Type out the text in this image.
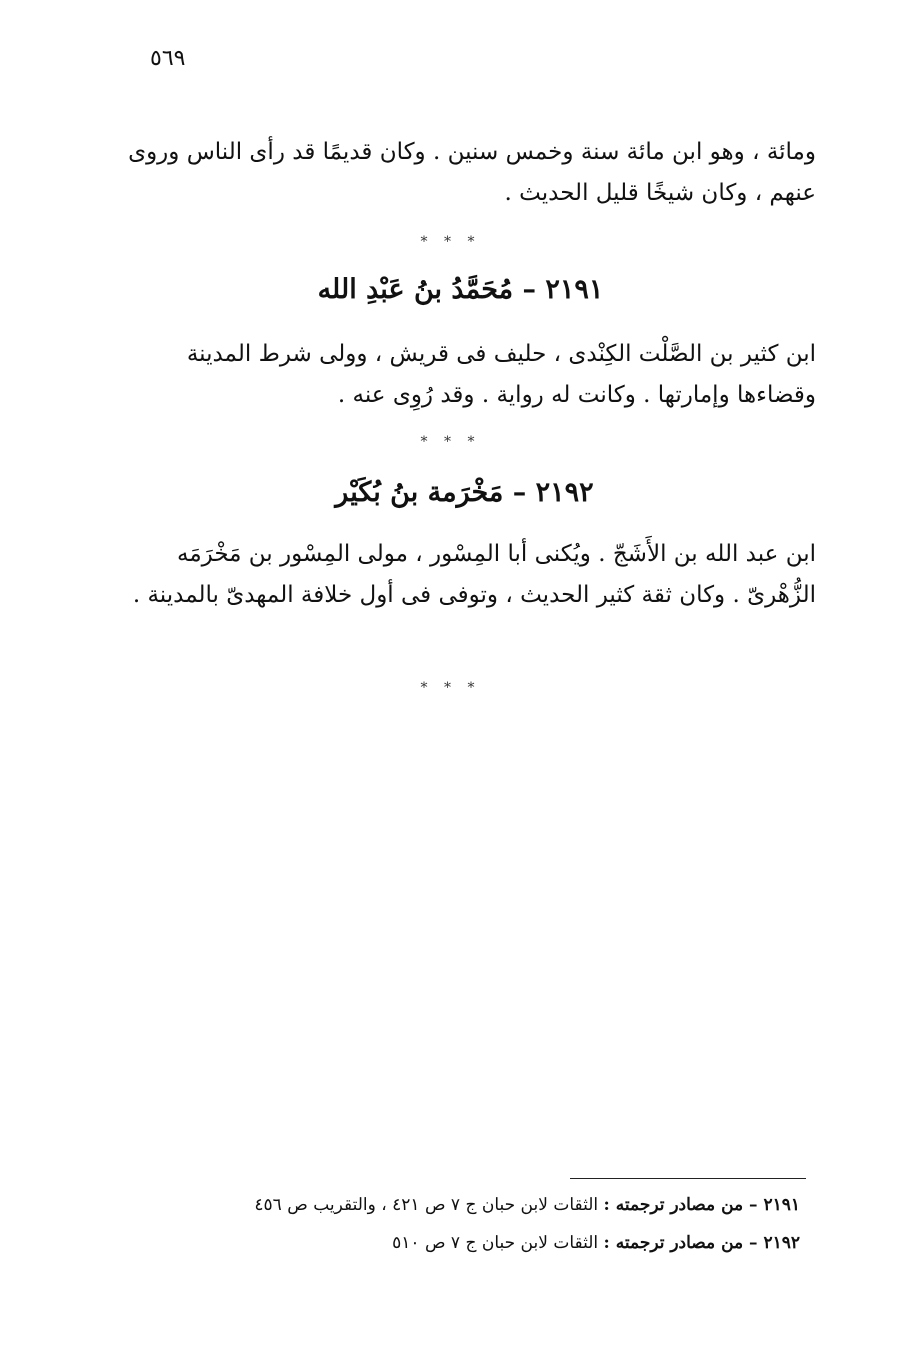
٥٦٩
ومائة ، وهو ابن مائة سنة وخمس سنين . وكان قديمًا قد رأى الناس وروى
عنهم ، وكان شيخًا قليل الحديث .
* * *
٢١٩١ – مُحَمَّدُ بنُ عَبْدِ الله
ابن كثير بن الصَّلْت الكِنْدى ، حليف فى قريش ، وولى شرط المدينة
وقضاءها وإمارتها . وكانت له رواية . وقد رُوِى عنه .
* * *
٢١٩٢ – مَخْرَمة بنُ بُكَيْر
ابن عبد الله بن الأَشَجّ . ويُكنى أبا المِسْور ، مولى المِسْور بن مَخْرَمَه
الزُّهْرىّ . وكان ثقة كثير الحديث ، وتوفى فى أول خلافة المهدىّ بالمدينة .
* * *
٢١٩١ – من مصادر ترجمته : الثقات لابن حبان ج ٧ ص ٤٢١ ، والتقريب ص ٤٥٦
٢١٩٢ – من مصادر ترجمته : الثقات لابن حبان ج ٧ ص ٥١٠
